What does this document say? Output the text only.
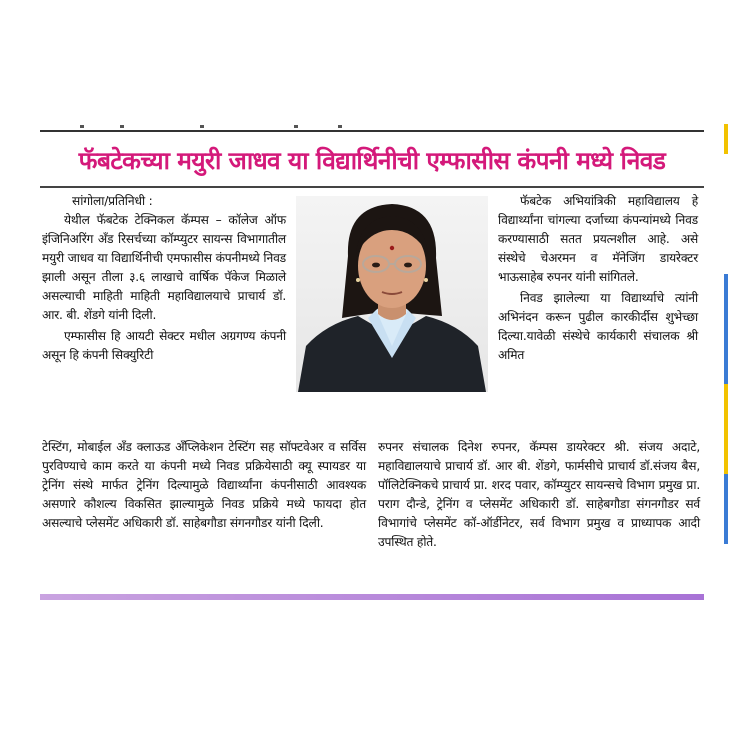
फॅबटेकच्या मयुरी जाधव या विद्यार्थिनीची एम्फासीस कंपनी मध्ये निवड

सांगोला/प्रतिनिधी :

येथील फॅबटेक टेक्निकल कॅम्पस – कॉलेज ऑफ इंजिनिअरिंग अँड रिसर्चच्या कॉम्प्युटर सायन्स विभागातील मयुरी जाधव या विद्यार्थिनीची एमफासीस कंपनीमध्ये निवड झाली असून तीला ३.६ लाखाचे वार्षिक पॅकेज मिळाले असल्याची माहिती माहिती महाविद्यालयाचे प्राचार्य डॉ. आर. बी. शेंडगे यांनी दिली.

एम्फासीस हि आयटी सेक्टर मधील अग्रगण्य कंपनी असून हि कंपनी सिक्युरिटी

फॅबटेक अभियांत्रिकी महाविद्यालय हे विद्यार्थ्यांना चांगल्या दर्जाच्या कंपन्यांमध्ये निवड करण्यासाठी सतत प्रयत्नशील आहे. असे संस्थेचे चेअरमन व मॅनेजिंग डायरेक्टर भाऊसाहेब रुपनर यांनी सांगितले.

निवड झालेल्या या विद्यार्थ्याचे त्यांनी अभिनंदन करून पुढील कारकीर्दीस शुभेच्छा दिल्या.यावेळी संस्थेचे कार्यकारी संचालक श्री अमित

टेस्टिंग, मोबाईल अँड क्लाऊड अँप्लिकेशन टेस्टिंग सह सॉफ्टवेअर व सर्विस पुरविण्याचे काम करते या कंपनी मध्ये निवड प्रक्रियेसाठी क्यू स्पायडर या ट्रेनिंग संस्थे मार्फत ट्रेनिंग दिल्यामुळे विद्यार्थ्यांना कंपनीसाठी आवश्यक असणारे कौशल्य विकसित झाल्यामुळे निवड प्रक्रिये मध्ये फायदा होत असल्याचे प्लेसमेंट अधिकारी डॉ. साहेबगौडा संगनगौडर यांनी दिली.

रुपनर संचालक दिनेश रुपनर, कॅम्पस डायरेक्टर श्री. संजय अदाटे, महाविद्यालयाचे प्राचार्य डॉ. आर बी. शेंडगे, फार्मसीचे प्राचार्य डॉ.संजय बैस, पॉलिटेक्निकचे प्राचार्य प्रा. शरद पवार, कॉम्प्युटर सायन्सचे विभाग प्रमुख प्रा. पराग दौन्डे, ट्रेनिंग व प्लेसमेंट अधिकारी डॉ. साहेबगौडा संगनगौडर सर्व विभागांचे प्लेसमेंट कॉ-ऑर्डीनेटर, सर्व विभाग प्रमुख व प्राध्यापक आदी उपस्थित होते.
